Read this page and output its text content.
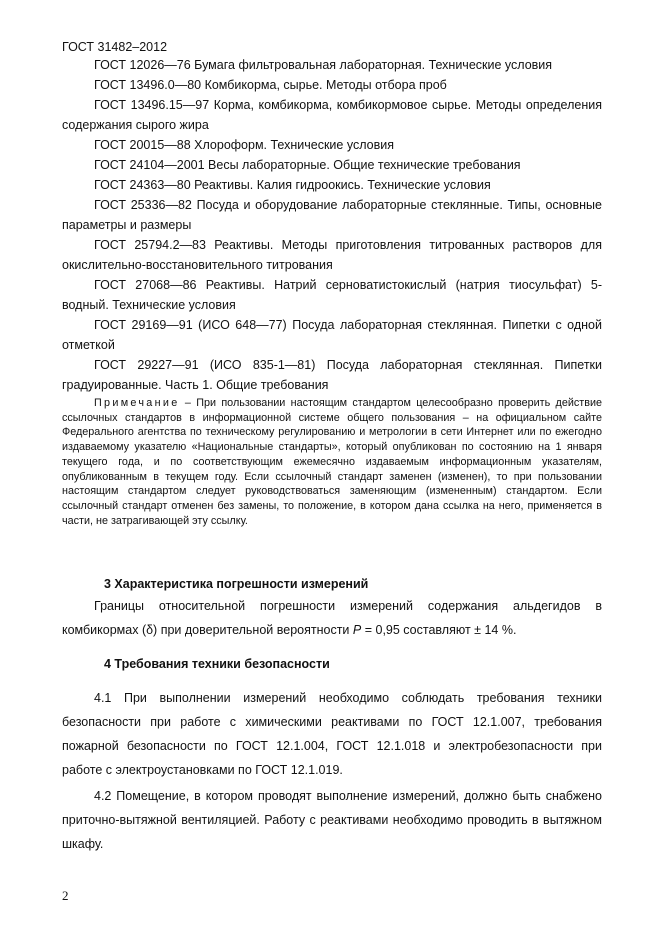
ГОСТ 31482–2012

ГОСТ 12026—76 Бумага фильтровальная лабораторная. Технические условия

ГОСТ 13496.0—80 Комбикорма, сырье. Методы отбора проб

ГОСТ 13496.15—97 Корма, комбикорма, комбикормовое сырье. Методы определения содержания сырого жира

ГОСТ 20015—88 Хлороформ. Технические условия

ГОСТ 24104—2001 Весы лабораторные. Общие технические требования

ГОСТ 24363—80 Реактивы. Калия гидроокись. Технические условия

ГОСТ 25336—82 Посуда и оборудование лабораторные стеклянные. Типы, основные параметры и размеры

ГОСТ 25794.2—83 Реактивы. Методы приготовления титрованных растворов для окислительно-восстановительного титрования

ГОСТ 27068—86 Реактивы. Натрий серноватистокислый (натрия тиосульфат) 5-водный. Технические условия

ГОСТ 29169—91 (ИСО 648—77) Посуда лабораторная стеклянная. Пипетки с одной отметкой

ГОСТ 29227—91 (ИСО 835-1—81) Посуда лабораторная стеклянная. Пипетки градуированные. Часть 1. Общие требования

Примечание – При пользовании настоящим стандартом целесообразно проверить действие ссылочных стандартов в информационной системе общего пользования – на официальном сайте Федерального агентства по техническому регулированию и метрологии в сети Интернет или по ежегодно издаваемому указателю «Национальные стандарты», который опубликован по состоянию на 1 января текущего года, и по соответствующим ежемесячно издаваемым информационным указателям, опубликованным в текущем году. Если ссылочный стандарт заменен (изменен), то при пользовании настоящим стандартом следует руководствоваться заменяющим (измененным) стандартом. Если ссылочный стандарт отменен без замены, то положение, в котором дана ссылка на него, применяется в части, не затрагивающей эту ссылку.

3 Характеристика погрешности измерений

Границы относительной погрешности измерений содержания альдегидов в комбикормах (δ) при доверительной вероятности P = 0,95 составляют ± 14 %.

4 Требования техники безопасности

4.1 При выполнении измерений необходимо соблюдать требования техники безопасности при работе с химическими реактивами по ГОСТ 12.1.007, требования пожарной безопасности по ГОСТ 12.1.004, ГОСТ 12.1.018 и электробезопасности при работе с электроустановками по ГОСТ 12.1.019.

4.2 Помещение, в котором проводят выполнение измерений, должно быть снабжено приточно-вытяжной вентиляцией. Работу с реактивами необходимо проводить в вытяжном шкафу.

2
